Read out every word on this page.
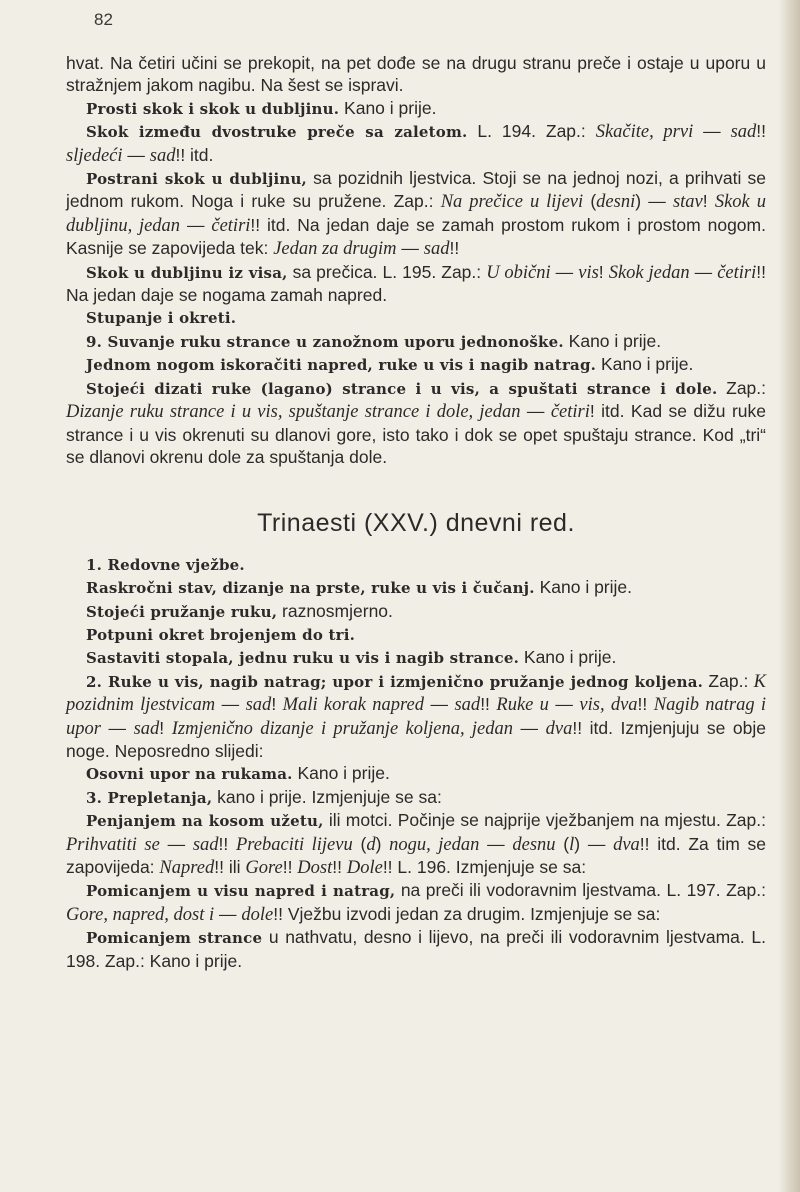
82

hvat. Na četiri učini se prekopit, na pet dođe se na drugu stranu preče i ostaje u uporu u stražnjem jakom nagibu. Na šest se ispravi.

Prosti skok i skok u dubljinu. Kano i prije.

Skok između dvostruke preče sa zaletom. L. 194. Zap.: Skačite, prvi — sad!! sljedeći — sad!! itd.

Postrani skok u dubljinu, sa pozidnih ljestvica. Stoji se na jednoj nozi, a prihvati se jednom rukom. Noga i ruke su pružene. Zap.: Na prečice u lijevi (desni) — stav! Skok u dubljinu, jedan — četiri!! itd. Na jedan daje se zamah prostom rukom i prostom nogom. Kasnije se zapovijeda tek: Jedan za drugim — sad!!

Skok u dubljinu iz visa, sa prečica. L. 195. Zap.: U obični — vis! Skok jedan — četiri!! Na jedan daje se nogama zamah napred.

Stupanje i okreti.

9. Suvanje ruku strance u zanožnom uporu jednonoške. Kano i prije.

Jednom nogom iskoračiti napred, ruke u vis i nagib natrag. Kano i prije.

Stojeći dizati ruke (lagano) strance i u vis, a spuštati strance i dole. Zap.: Dizanje ruku strance i u vis, spuštanje strance i dole, jedan — četiri! itd. Kad se dižu ruke strance i u vis okrenuti su dlanovi gore, isto tako i dok se opet spuštaju strance. Kod „tri“ se dlanovi okrenu dole za spuštanja dole.

Trinaesti (XXV.) dnevni red.

1. Redovne vježbe.

Raskročni stav, dizanje na prste, ruke u vis i čučanj. Kano i prije.

Stojeći pružanje ruku, raznosmjerno.

Potpuni okret brojenjem do tri.

Sastaviti stopala, jednu ruku u vis i nagib strance. Kano i prije.

2. Ruke u vis, nagib natrag; upor i izmjenično pružanje jednog koljena. Zap.: K pozidnim ljestvicam — sad! Mali korak napred — sad!! Ruke u — vis, dva!! Nagib natrag i upor — sad! Izmjenično dizanje i pružanje koljena, jedan — dva!! itd. Izmjenjuju se obje noge. Neposredno slijedi:

Osovni upor na rukama. Kano i prije.

3. Prepletanja, kano i prije. Izmjenjuje se sa:

Penjanjem na kosom užetu, ili motci. Počinje se najprije vježbanjem na mjestu. Zap.: Prihvatiti se — sad!! Prebaciti lijevu (d) nogu, jedan — desnu (l) — dva!! itd. Za tim se zapovijeda: Napred!! ili Gore!! Dost!! Dole!! L. 196. Izmjenjuje se sa:

Pomicanjem u visu napred i natrag, na preči ili vodoravnim ljestvama. L. 197. Zap.: Gore, napred, dost i — dole!! Vježbu izvodi jedan za drugim. Izmjenjuje se sa:

Pomicanjem strance u nathvatu, desno i lijevo, na preči ili vodoravnim ljestvama. L. 198. Zap.: Kano i prije.
